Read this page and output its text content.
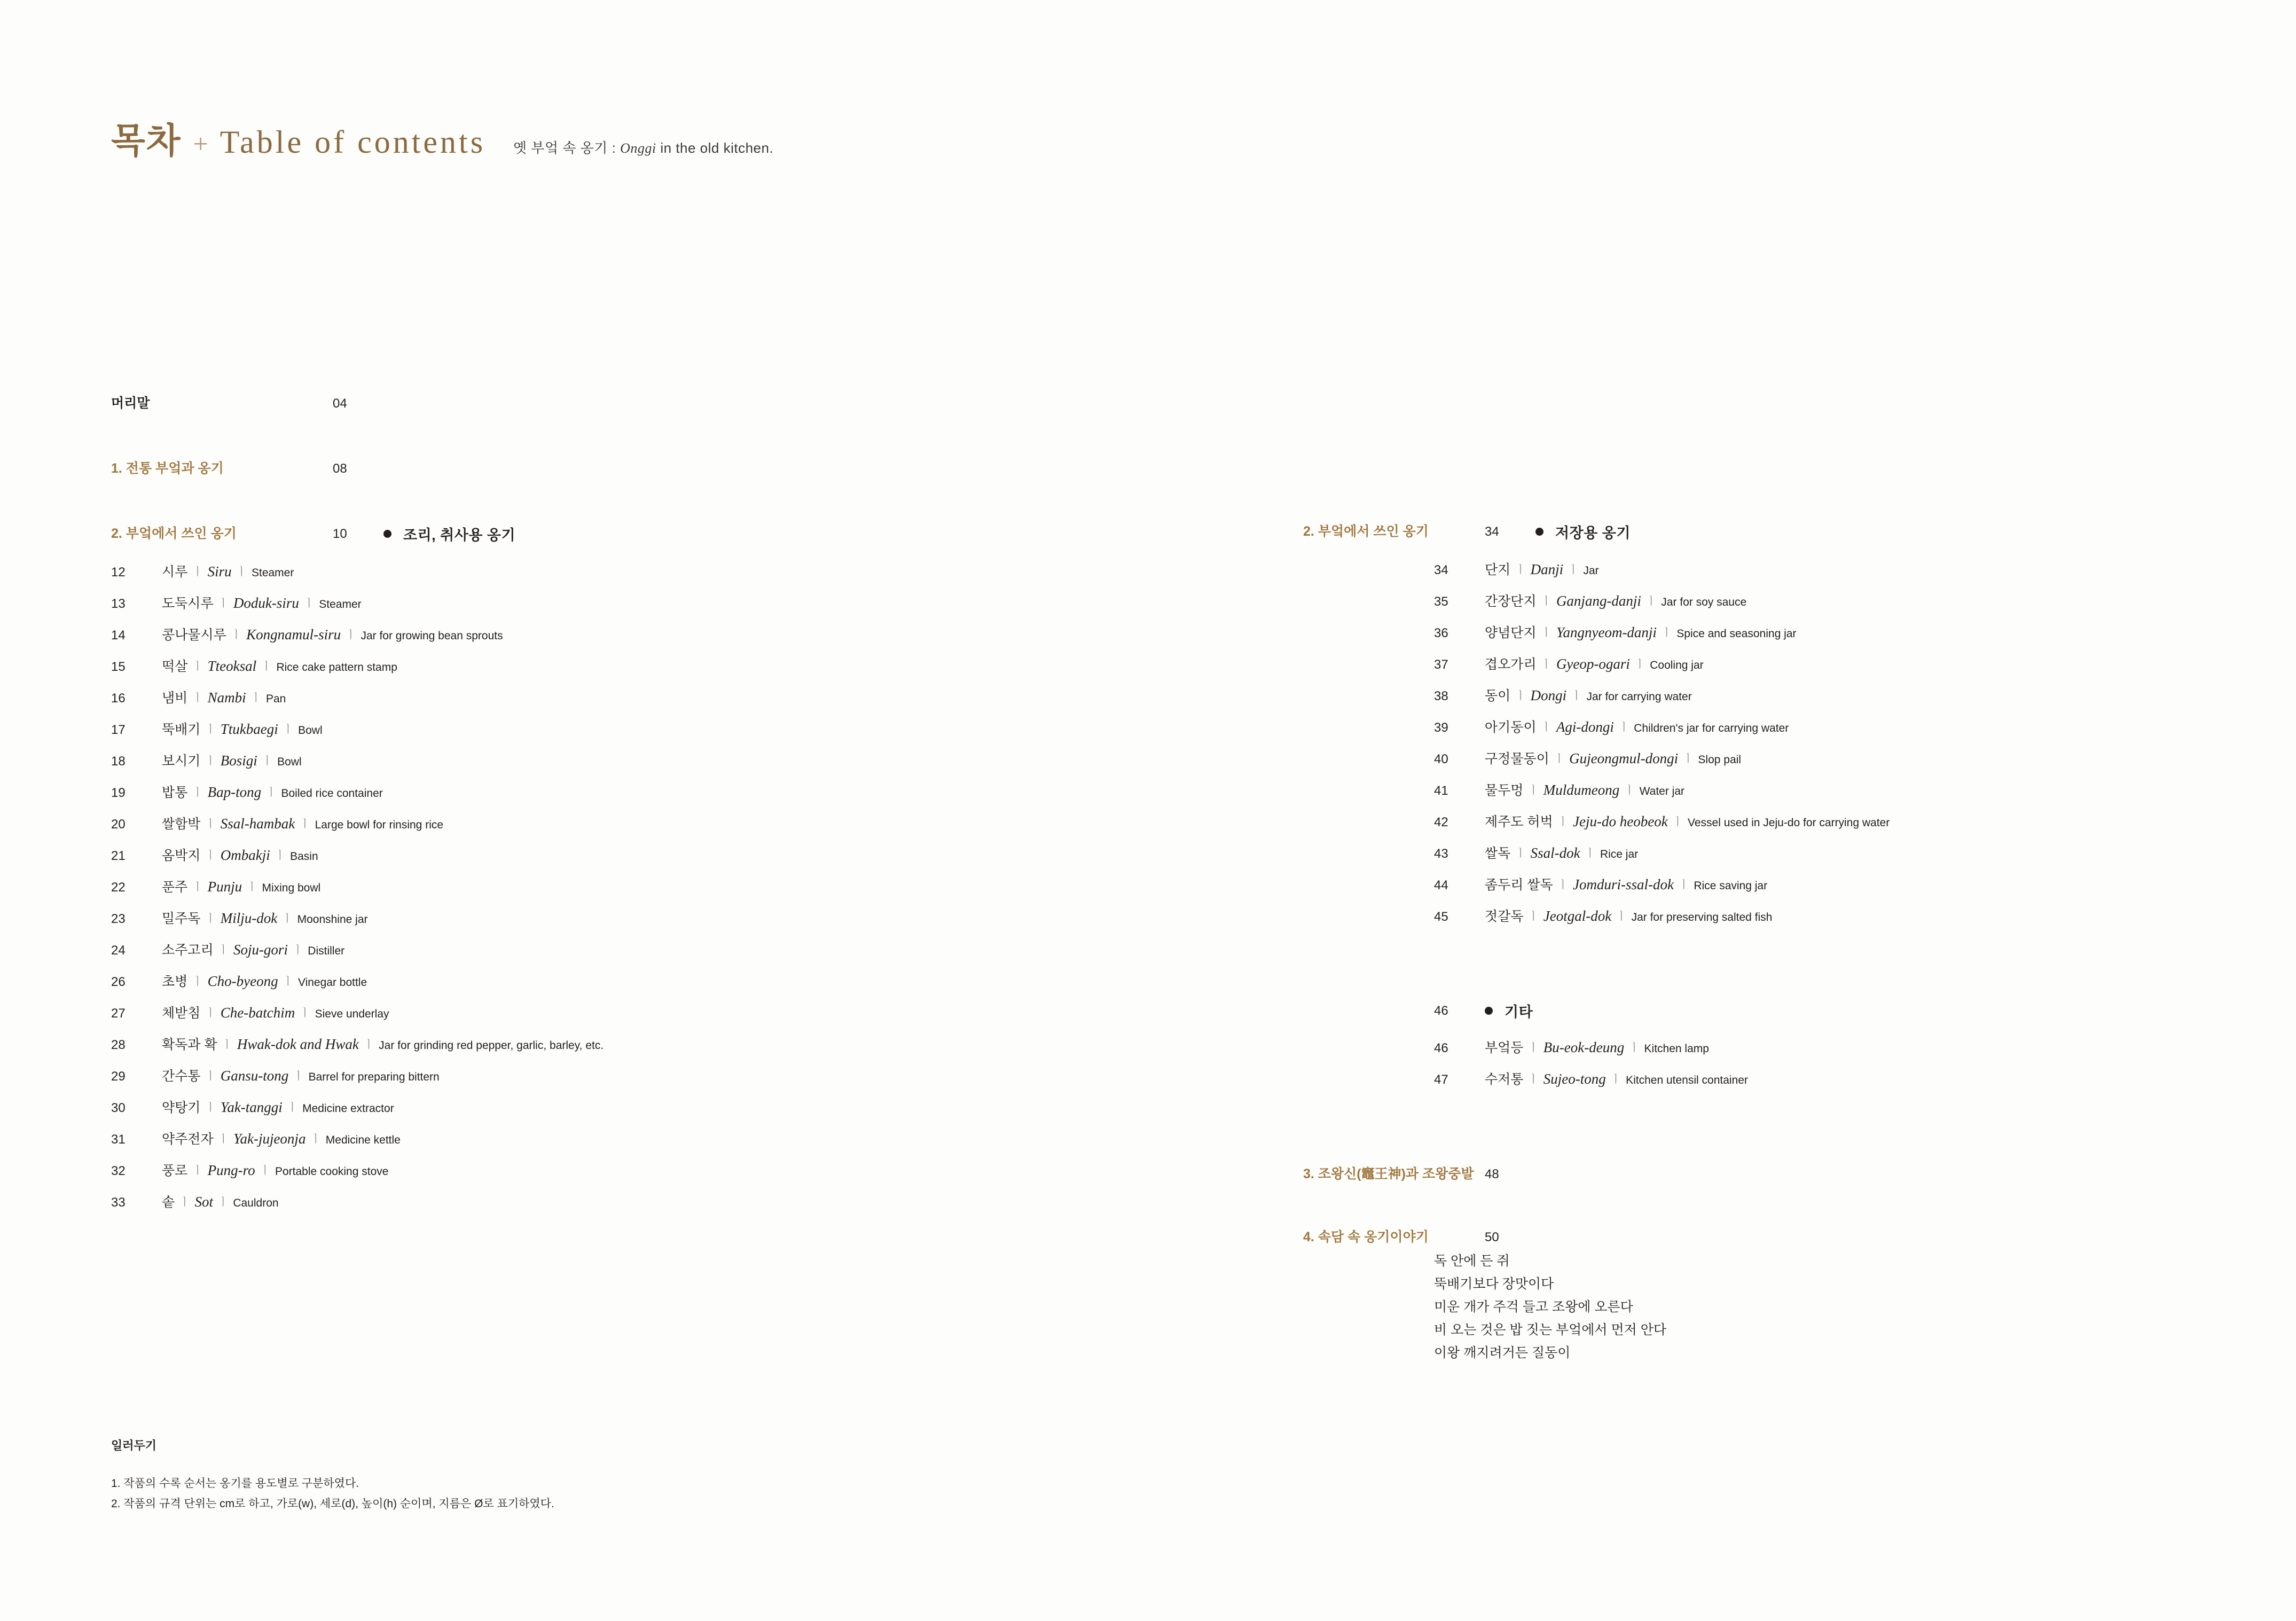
목차 + Table of contents 옛 부엌 속 옹기 : Onggi in the old kitchen.
머리말	04
1. 전통 부엌과 옹기	08
2. 부엌에서 쓰인 옹기	10	조리, 취사용 옹기
12	시루 ㅣ Siru ㅣ Steamer
13	도둑시루 ㅣ Doduk-siru ㅣ Steamer
14	콩나물시루 ㅣ Kongnamul-siru ㅣ Jar for growing bean sprouts
15	떡살 ㅣ Tteoksal ㅣ Rice cake pattern stamp
16	냄비 ㅣ Nambi ㅣ Pan
17	뚝배기 ㅣ Ttukbaegi ㅣ Bowl
18	보시기 ㅣ Bosigi ㅣ Bowl
19	밥통 ㅣ Bap-tong ㅣ Boiled rice container
20	쌀함박 ㅣ Ssal-hambak ㅣ Large bowl for rinsing rice
21	옴박지 ㅣ Ombakji ㅣ Basin
22	푼주 ㅣ Punju ㅣ Mixing bowl
23	밀주독 ㅣ Milju-dok ㅣ Moonshine jar
24	소주고리 ㅣ Soju-gori ㅣ Distiller
26	초병 ㅣ Cho-byeong ㅣ Vinegar bottle
27	체받침 ㅣ Che-batchim ㅣ Sieve underlay
28	확독과 확 ㅣ Hwak-dok and Hwak ㅣ Jar for grinding red pepper, garlic, barley, etc.
29	간수통 ㅣ Gansu-tong ㅣ Barrel for preparing bittern
30	약탕기 ㅣ Yak-tanggi ㅣ Medicine extractor
31	약주전자 ㅣ Yak-jujeonja ㅣ Medicine kettle
32	풍로 ㅣ Pung-ro ㅣ Portable cooking stove
33	솥 ㅣ Sot ㅣ Cauldron
2. 부엌에서 쓰인 옹기	34	저장용 옹기
34	단지 ㅣ Danji ㅣ Jar
35	간장단지 ㅣ Ganjang-danji ㅣ Jar for soy sauce
36	양념단지 ㅣ Yangnyeom-danji ㅣ Spice and seasoning jar
37	겹오가리 ㅣ Gyeop-ogari ㅣ Cooling jar
38	동이 ㅣ Dongi ㅣ Jar for carrying water
39	아기동이 ㅣ Agi-dongi ㅣ Children's jar for carrying water
40	구정물동이 ㅣ Gujeongmul-dongi ㅣ Slop pail
41	물두멍 ㅣ Muldumeong ㅣ Water jar
42	제주도 허벅 ㅣ Jeju-do heobeok ㅣ Vessel used in Jeju-do for carrying water
43	쌀독 ㅣ Ssal-dok ㅣ Rice jar
44	좀두리 쌀독 ㅣ Jomduri-ssal-dok ㅣ Rice saving jar
45	젓갈독 ㅣ Jeotgal-dok ㅣ Jar for preserving salted fish
46	기타
46	부엌등 ㅣ Bu-eok-deung ㅣ Kitchen lamp
47	수저통 ㅣ Sujeo-tong ㅣ Kitchen utensil container
3. 조왕신(竈王神)과 조왕중발 48
4. 속담 속 옹기이야기	50
독 안에 든 쥐
뚝배기보다 장맛이다
미운 개가 주걱 들고 조왕에 오른다
비 오는 것은 밥 짓는 부엌에서 먼저 안다
이왕 깨지려거든 질동이
일러두기
1. 작품의 수록 순서는 옹기를 용도별로 구분하였다.
2. 작품의 규격 단위는 cm로 하고, 가로(w), 세로(d), 높이(h) 순이며, 지름은 Ø로 표기하였다.
